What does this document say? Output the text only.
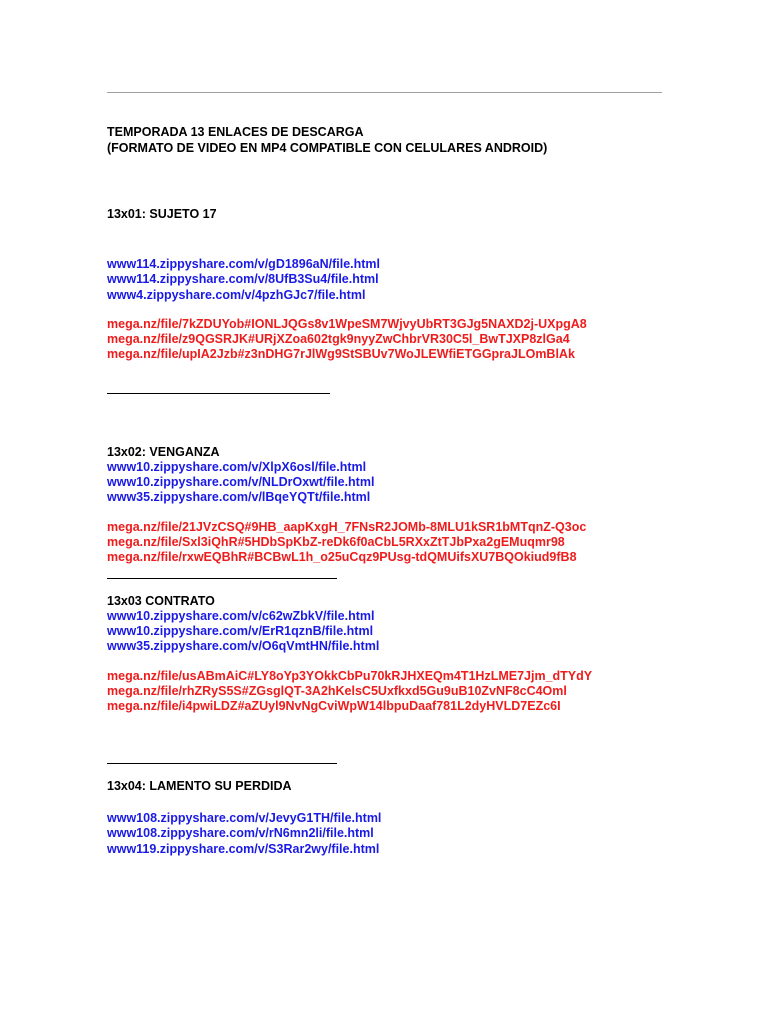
TEMPORADA 13 ENLACES DE DESCARGA
(FORMATO DE VIDEO EN MP4 COMPATIBLE CON CELULARES ANDROID)
13x01: SUJETO 17
www114.zippyshare.com/v/gD1896aN/file.html
www114.zippyshare.com/v/8UfB3Su4/file.html
www4.zippyshare.com/v/4pzhGJc7/file.html
mega.nz/file/7kZDUYob#IONLJQGs8v1WpeSM7WjvyUbRT3GJg5NAXD2j-UXpgA8
mega.nz/file/z9QGSRJK#URjXZoa602tgk9nyyZwChbrVR30C5l_BwTJXP8zlGa4
mega.nz/file/upIA2Jzb#z3nDHG7rJlWg9StSBUv7WoJLEWfiETGGpraJLOmBlAk
13x02: VENGANZA
www10.zippyshare.com/v/XlpX6osl/file.html
www10.zippyshare.com/v/NLDrOxwt/file.html
www35.zippyshare.com/v/lBqeYQTt/file.html
mega.nz/file/21JVzCSQ#9HB_aapKxgH_7FNsR2JOMb-8MLU1kSR1bMTqnZ-Q3oc
mega.nz/file/Sxl3iQhR#5HDbSpKbZ-reDk6f0aCbL5RXxZtTJbPxa2gEMuqmr98
mega.nz/file/rxwEQBhR#BCBwL1h_o25uCqz9PUsg-tdQMUifsXU7BQOkiud9fB8
13x03 CONTRATO
www10.zippyshare.com/v/c62wZbkV/file.html
www10.zippyshare.com/v/ErR1qznB/file.html
www35.zippyshare.com/v/O6qVmtHN/file.html
mega.nz/file/usABmAiC#LY8oYp3YOkkCbPu70kRJHXEQm4T1HzLME7Jjm_dTYdY
mega.nz/file/rhZRyS5S#ZGsglQT-3A2hKelsC5Uxfkxd5Gu9uB10ZvNF8cC4Oml
mega.nz/file/i4pwiLDZ#aZUyl9NvNgCviWpW14lbpuDaaf781L2dyHVLD7EZc6I
13x04: LAMENTO SU PERDIDA
www108.zippyshare.com/v/JevyG1TH/file.html
www108.zippyshare.com/v/rN6mn2li/file.html
www119.zippyshare.com/v/S3Rar2wy/file.html
